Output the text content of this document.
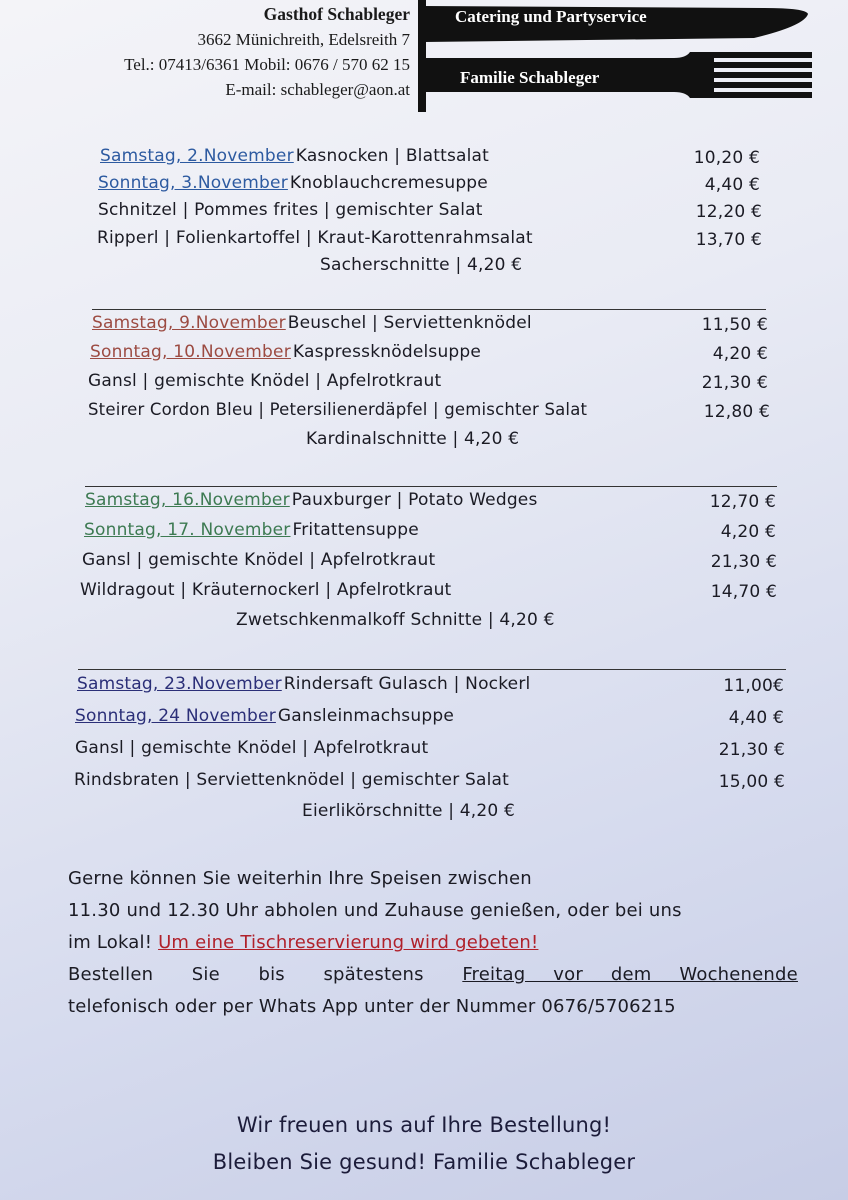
Gasthof Schableger
3662 Münichreith, Edelsreith 7
Tel.: 07413/6361 Mobil: 0676 / 570 62 15
E-mail: schableger@aon.at
Catering und Partyservice
Familie Schableger
Samstag, 2.November Kasnocken | Blattsalat	10,20 €
Sonntag, 3.November Knoblauchcremesuppe	4,40 €
Schnitzel | Pommes frites | gemischter Salat	12,20 €
Ripperl | Folienkartoffel | Kraut-Karottenrahmsalat	13,70 €
Sacherschnitte | 4,20 €
Samstag, 9.November Beuschel | Serviettenknödel	11,50 €
Sonntag, 10.November Kaspressknödelsuppe	4,20 €
Gansl | gemischte Knödel | Apfelrotkraut	21,30 €
Steirer Cordon Bleu | Petersilienerdäpfel | gemischter Salat	12,80 €
Kardinalschnitte | 4,20 €
Samstag, 16.November Pauxburger | Potato Wedges	12,70 €
Sonntag, 17. November Fritattensuppe	4,20 €
Gansl | gemischte Knödel | Apfelrotkraut	21,30 €
Wildragout | Kräuternockerl | Apfelrotkraut	14,70 €
Zwetschkenmalkoff Schnitte | 4,20 €
Samstag, 23.November Rindersaft Gulasch | Nockerl	11,00€
Sonntag, 24 November Gansleinmachsuppe	4,40 €
Gansl | gemischte Knödel | Apfelrotkraut	21,30 €
Rindsbraten | Serviettenknödel | gemischter Salat	15,00 €
Eierlikörschnitte | 4,20 €
Gerne können Sie weiterhin Ihre Speisen zwischen
11.30 und 12.30 Uhr abholen und Zuhause genießen, oder bei uns
im Lokal! Um eine Tischreservierung wird gebeten!
Bestellen Sie bis spätestens Freitag vor dem Wochenende
telefonisch oder per Whats App unter der Nummer 0676/5706215
Wir freuen uns auf Ihre Bestellung!
Bleiben Sie gesund! Familie Schableger
